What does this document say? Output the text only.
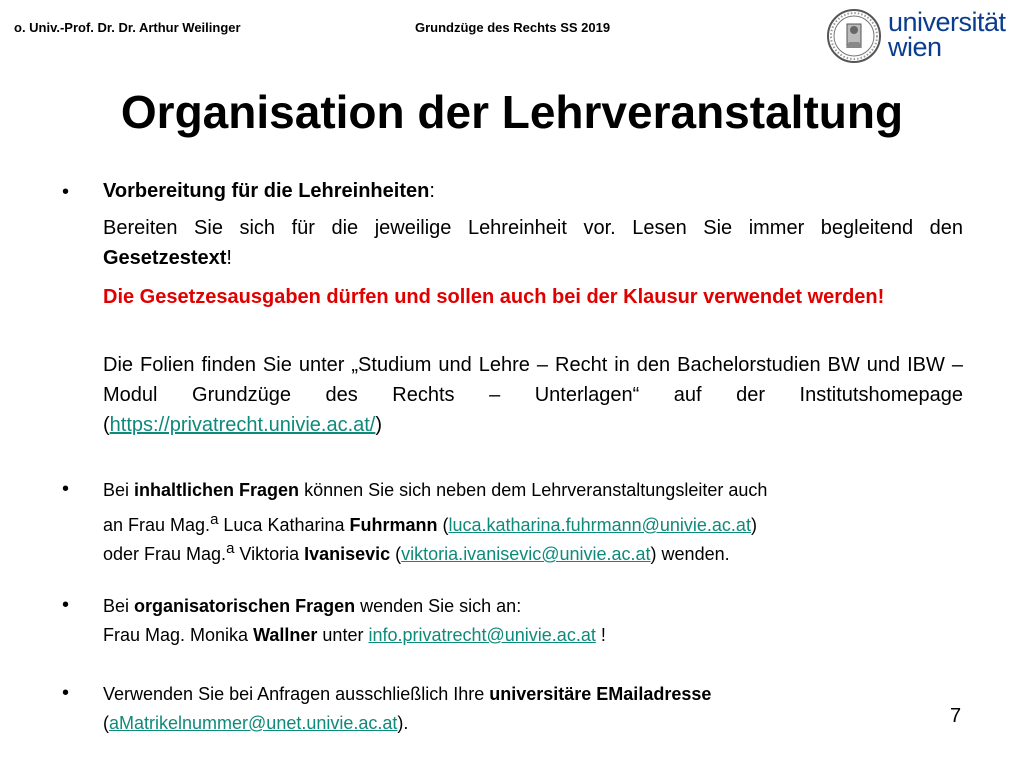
o. Univ.-Prof. Dr. Dr. Arthur Weilinger	Grundzüge des Rechts SS 2019	universität
wien
Organisation der Lehrveranstaltung
• Vorbereitung für die Lehreinheiten:
Bereiten Sie sich für die jeweilige Lehreinheit vor. Lesen Sie immer begleitend den Gesetzestext!
Die Gesetzesausgaben dürfen und sollen auch bei der Klausur verwendet werden!
Die Folien finden Sie unter „Studium und Lehre – Recht in den Bachelorstudien BW und IBW – Modul Grundzüge des Rechts – Unterlagen“ auf der Institutshomepage (https://privatrecht.univie.ac.at/)
• Bei inhaltlichen Fragen können Sie sich neben dem Lehrveranstaltungsleiter auch
an Frau Mag.$^a$ Luca Katharina Fuhrmann (luca.katharina.fuhrmann@univie.ac.at)
oder Frau Mag.$^a$ Viktoria Ivanisevic (viktoria.ivanisevic@univie.ac.at) wenden.
• Bei organisatorischen Fragen wenden Sie sich an:
Frau Mag. Monika Wallner unter info.privatrecht@univie.ac.at !
• Verwenden Sie bei Anfragen ausschließlich Ihre universitäre EMailadresse
(aMatrikelnummer@unet.univie.ac.at).	7
